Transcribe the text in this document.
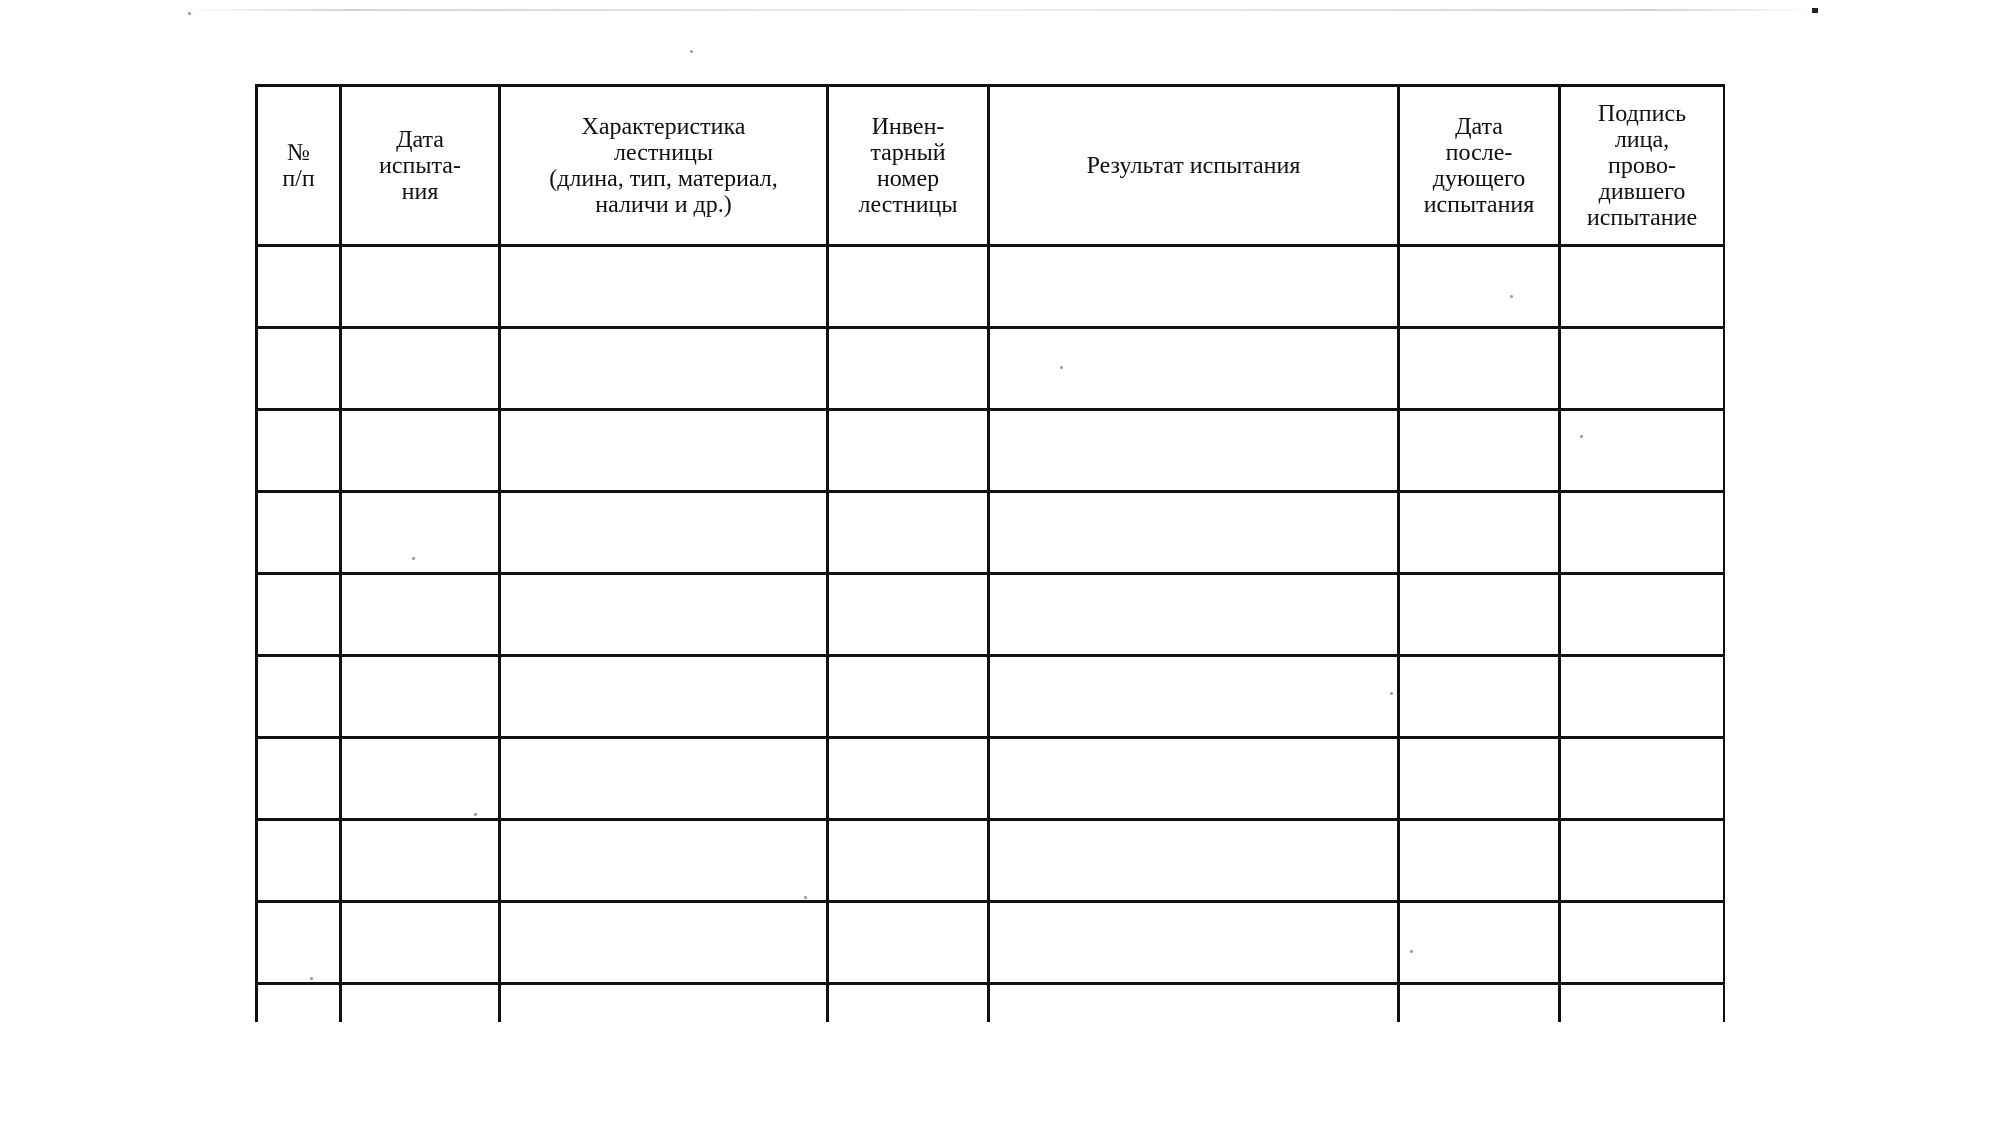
№
п/п	Дата
испыта-
ния	Характеристика
лестницы
(длина, тип, материал,
наличи и др.)	Инвен-
тарный
номер
лестницы	Результат испытания	Дата
после-
дующего
испытания	Подпись
лица,
прово-
дившего
испытание
